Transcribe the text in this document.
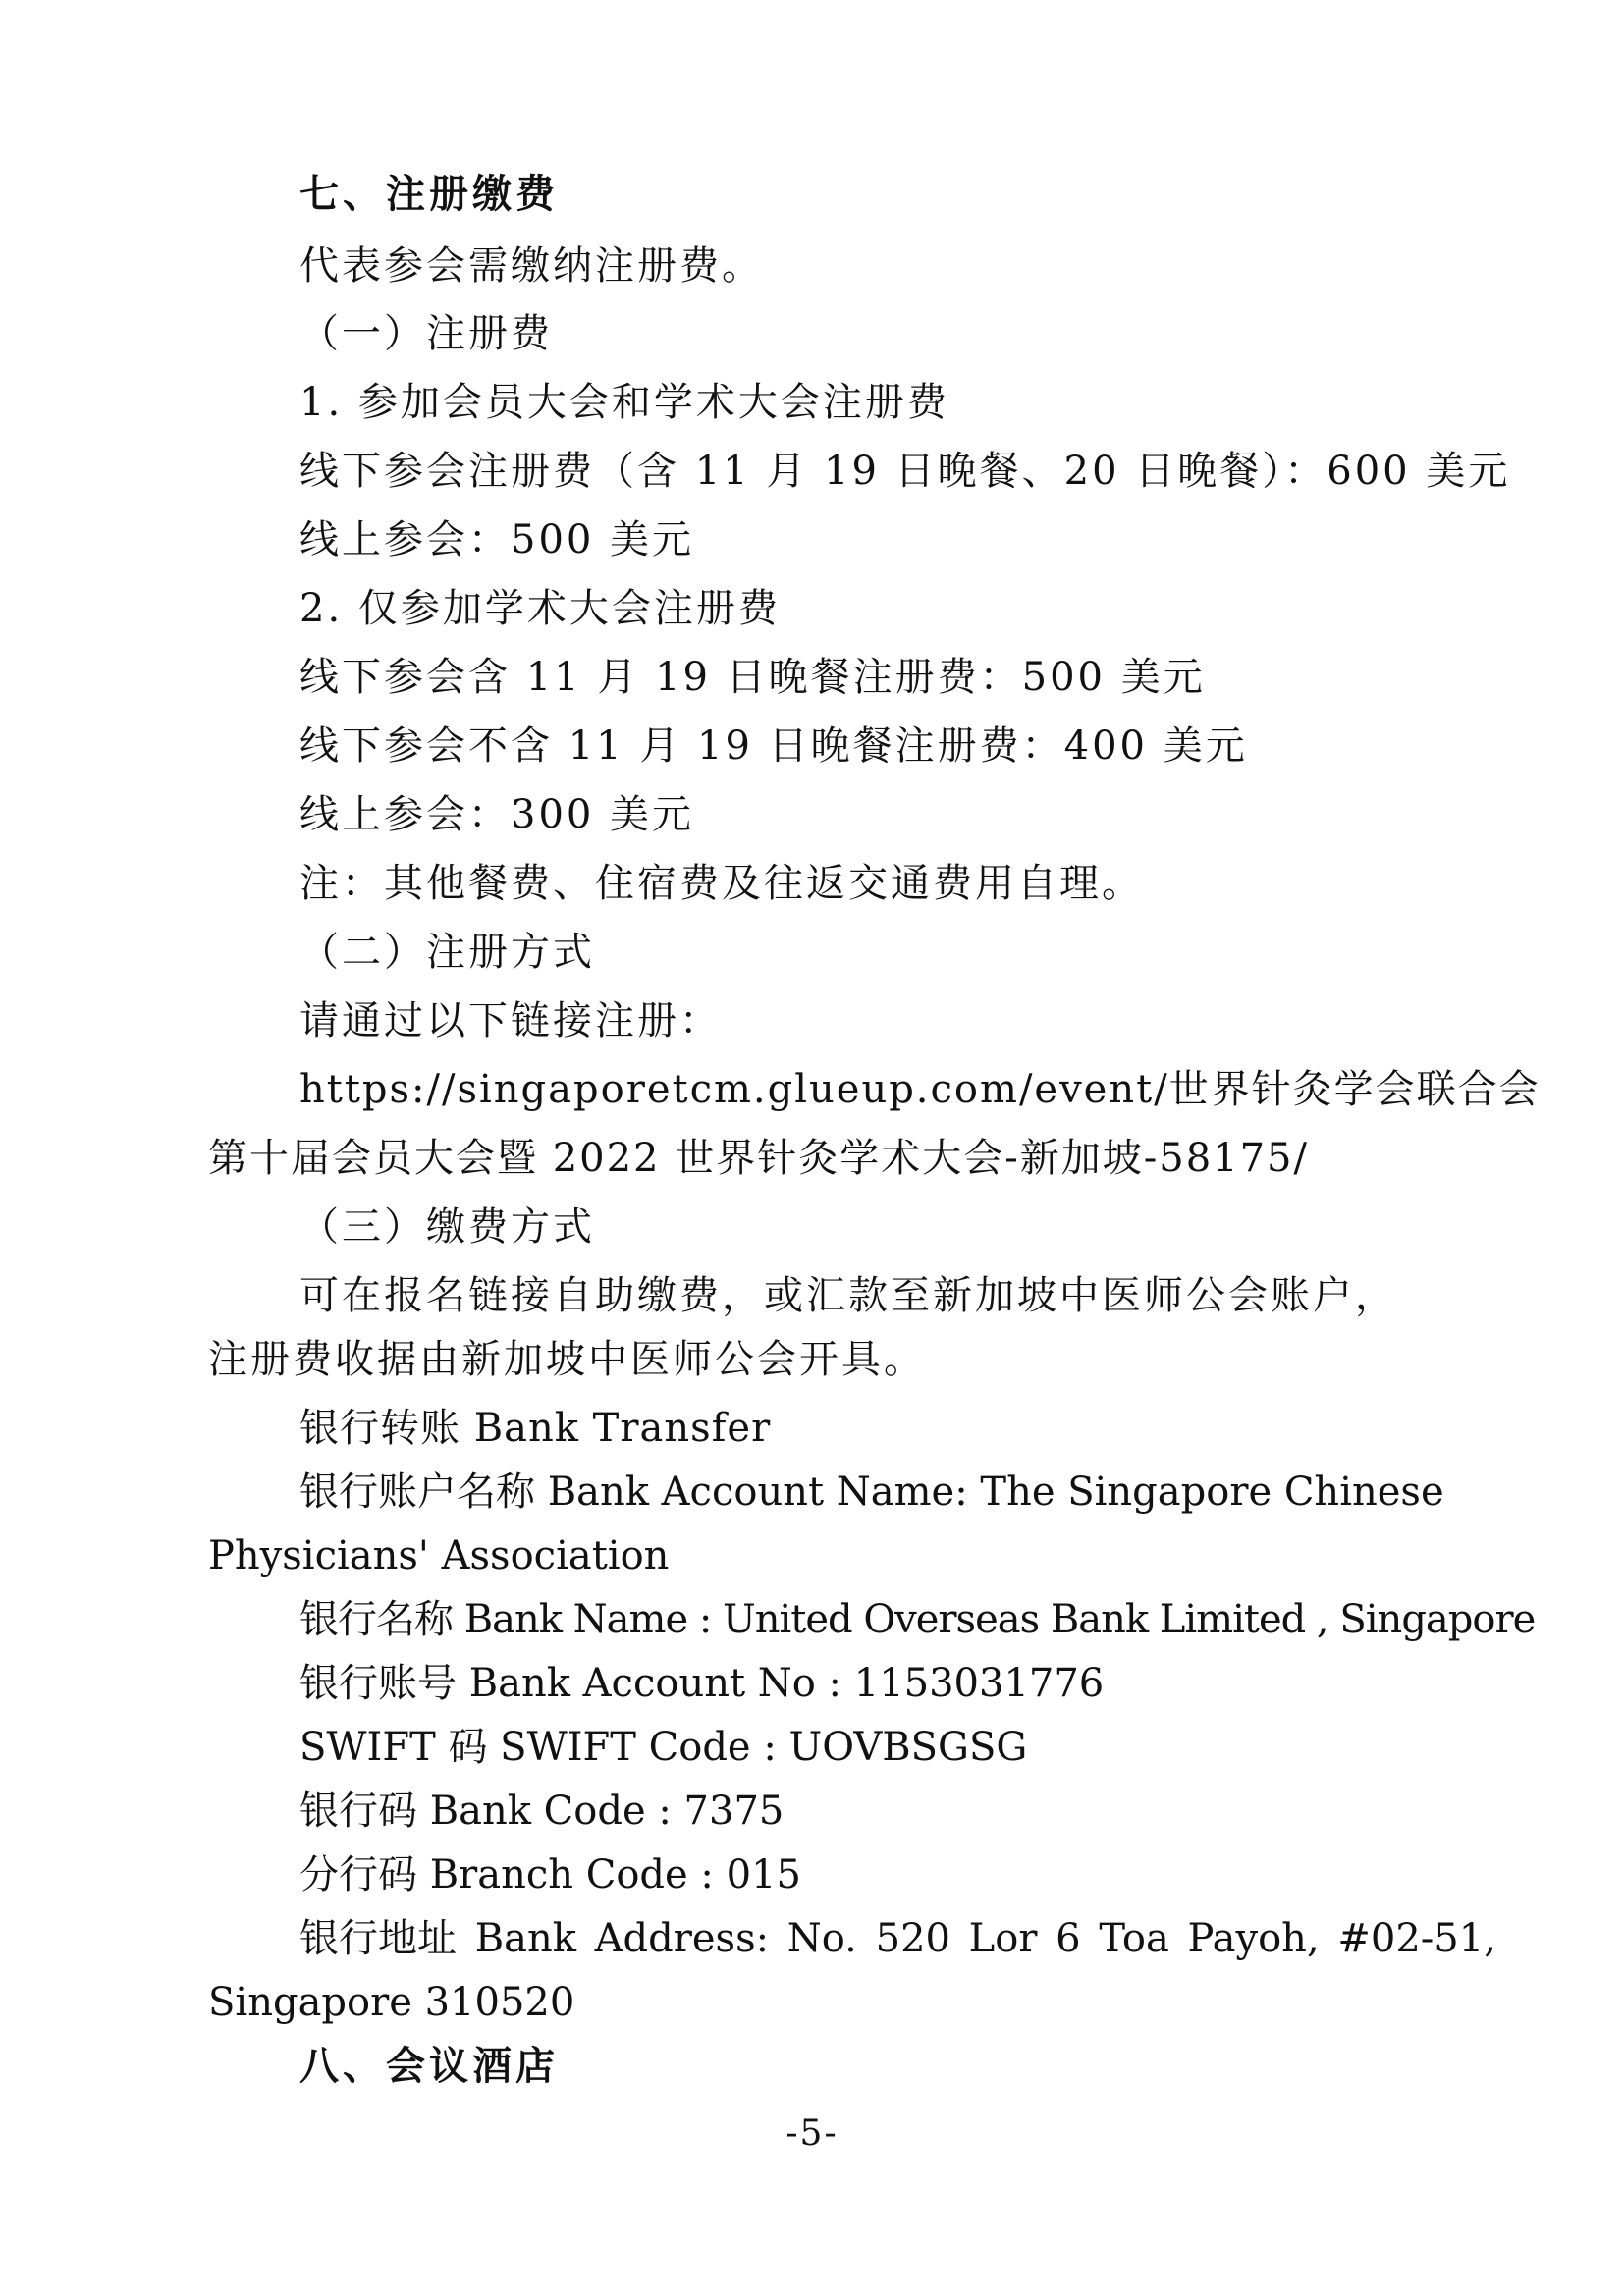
七、注册缴费
代表参会需缴纳注册费。
（一）注册费
1. 参加会员大会和学术大会注册费
线下参会注册费（含 11 月 19 日晚餐、20 日晚餐）：600 美元
线上参会：500 美元
2. 仅参加学术大会注册费
线下参会含 11 月 19 日晚餐注册费：500 美元
线下参会不含 11 月 19 日晚餐注册费：400 美元
线上参会：300 美元
注：其他餐费、住宿费及往返交通费用自理。
（二）注册方式
请通过以下链接注册：
https://singaporetcm.glueup.com/event/世界针灸学会联合会
第十届会员大会暨 2022 世界针灸学术大会-新加坡-58175/
（三）缴费方式
可在报名链接自助缴费，或汇款至新加坡中医师公会账户，
注册费收据由新加坡中医师公会开具。
银行转账 Bank Transfer
银行账户名称 Bank Account Name: The Singapore Chinese
Physicians' Association
银行名称 Bank Name : United Overseas Bank Limited , Singapore
银行账号 Bank Account No : 1153031776
SWIFT 码 SWIFT Code : UOVBSGSG
银行码 Bank Code : 7375
分行码 Branch Code : 015
银行地址 Bank Address: No. 520 Lor 6 Toa Payoh, #02-51,
Singapore 310520
八、会议酒店
-5-
